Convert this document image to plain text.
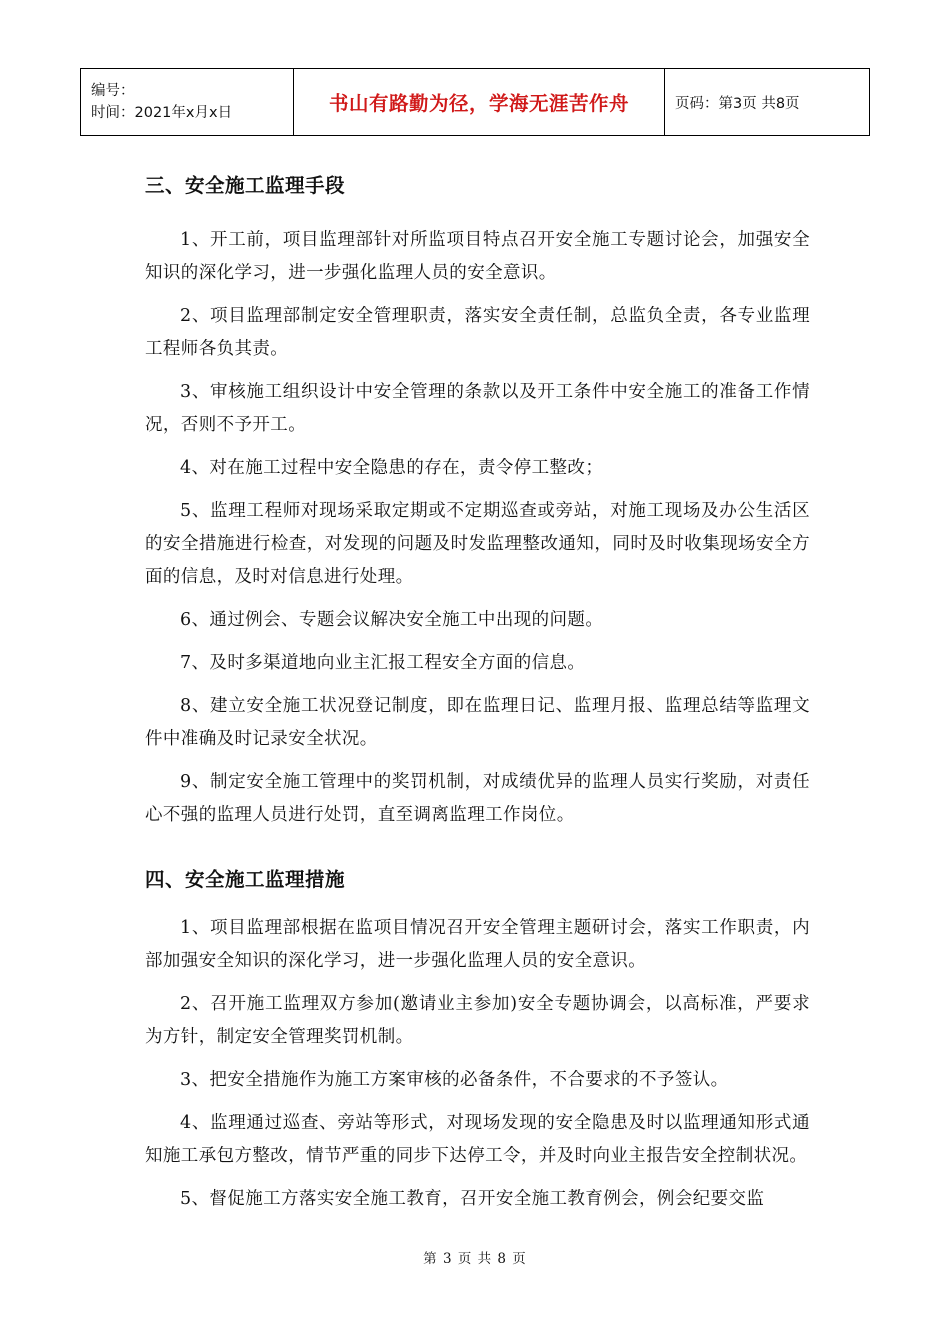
编号：
时间：2021年x月x日	书山有路勤为径，学海无涯苦作舟	页码：第3页 共8页
三、安全施工监理手段

1、开工前，项目监理部针对所监项目特点召开安全施工专题讨论会，加强安全知识的深化学习，进一步强化监理人员的安全意识。

2、项目监理部制定安全管理职责，落实安全责任制，总监负全责，各专业监理工程师各负其责。

3、审核施工组织设计中安全管理的条款以及开工条件中安全施工的准备工作情况，否则不予开工。

4、对在施工过程中安全隐患的存在，责令停工整改；

5、监理工程师对现场采取定期或不定期巡查或旁站，对施工现场及办公生活区的安全措施进行检查，对发现的问题及时发监理整改通知，同时及时收集现场安全方面的信息，及时对信息进行处理。

6、通过例会、专题会议解决安全施工中出现的问题。

7、及时多渠道地向业主汇报工程安全方面的信息。

8、建立安全施工状况登记制度，即在监理日记、监理月报、监理总结等监理文件中准确及时记录安全状况。

9、制定安全施工管理中的奖罚机制，对成绩优异的监理人员实行奖励，对责任心不强的监理人员进行处罚，直至调离监理工作岗位。

四、安全施工监理措施

1、项目监理部根据在监项目情况召开安全管理主题研讨会，落实工作职责，内部加强安全知识的深化学习，进一步强化监理人员的安全意识。

2、召开施工监理双方参加(邀请业主参加)安全专题协调会，以高标准，严要求为方针，制定安全管理奖罚机制。

3、把安全措施作为施工方案审核的必备条件，不合要求的不予签认。

4、监理通过巡查、旁站等形式，对现场发现的安全隐患及时以监理通知形式通知施工承包方整改，情节严重的同步下达停工令，并及时向业主报告安全控制状况。

5、督促施工方落实安全施工教育，召开安全施工教育例会，例会纪要交监

第 3 页 共 8 页
